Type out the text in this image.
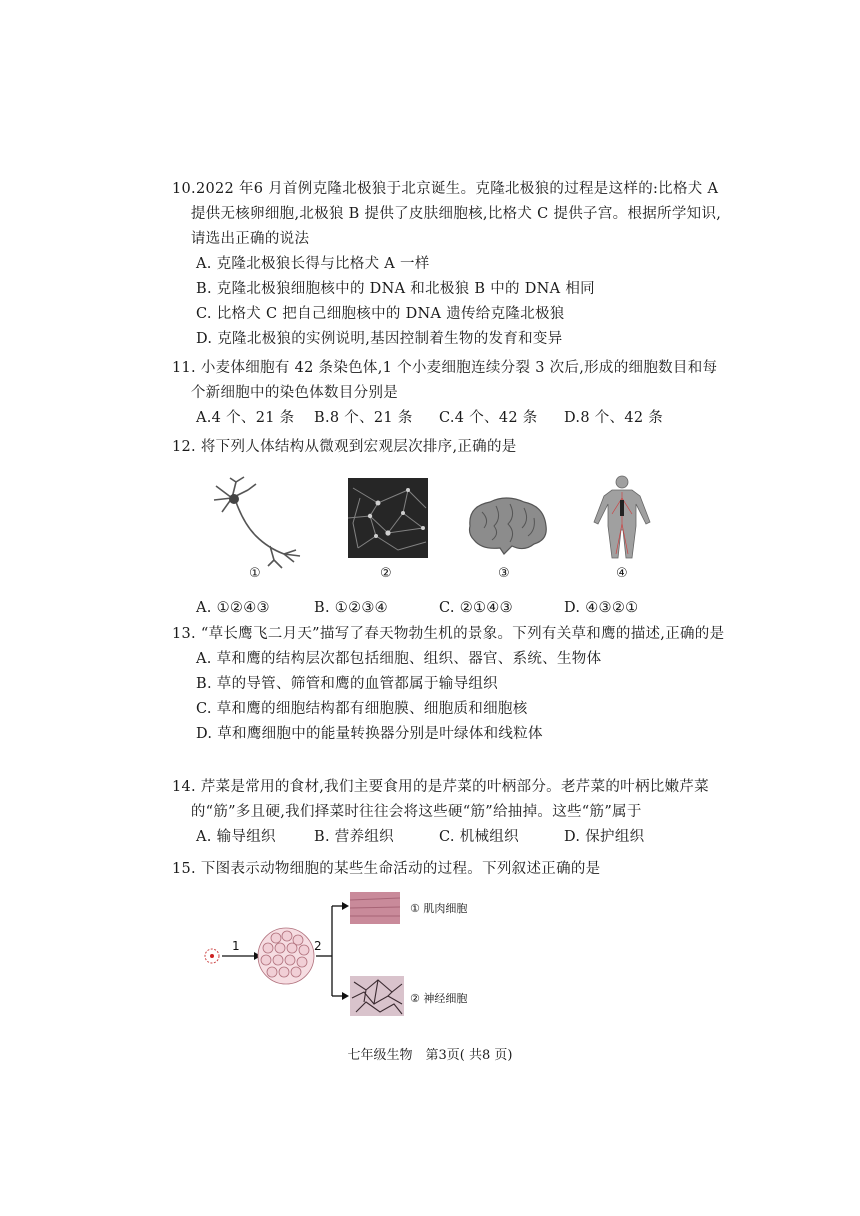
10.2022 年6 月首例克隆北极狼于北京诞生。克隆北极狼的过程是这样的:比格犬 A 提供无核卵细胞,北极狼 B 提供了皮肤细胞核,比格犬 C 提供子宫。根据所学知识,请选出正确的说法

A. 克隆北极狼长得与比格犬 A 一样

B. 克隆北极狼细胞核中的 DNA 和北极狼 B 中的 DNA 相同

C. 比格犬 C 把自己细胞核中的 DNA 遗传给克隆北极狼

D. 克隆北极狼的实例说明,基因控制着生物的发育和变异

11. 小麦体细胞有 42 条染色体,1 个小麦细胞连续分裂 3 次后,形成的细胞数目和每个新细胞中的染色体数目分别是

A.4 个、21 条	B.8 个、21 条	C.4 个、42 条	D.8 个、42 条

12. 将下列人体结构从微观到宏观层次排序,正确的是

①	②	③	④
A. ①②④③	B. ①②③④	C. ②①④③	D. ④③②①

13. “草长鹰飞二月天”描写了春天物勃生机的景象。下列有关草和鹰的描述,正确的是

A. 草和鹰的结构层次都包括细胞、组织、器官、系统、生物体

B. 草的导管、筛管和鹰的血管都属于输导组织

C. 草和鹰的细胞结构都有细胞膜、细胞质和细胞核

D. 草和鹰细胞中的能量转换器分别是叶绿体和线粒体

14. 芹菜是常用的食材,我们主要食用的是芹菜的叶柄部分。老芹菜的叶柄比嫩芹菜的“筋”多且硬,我们择菜时往往会将这些硬“筋”给抽掉。这些“筋”属于

A. 输导组织	B. 营养组织	C. 机械组织	D. 保护组织

15. 下图表示动物细胞的某些生命活动的过程。下列叙述正确的是

1	2
① 肌肉细胞
② 神经细胞
七年级生物　第3页( 共8 页)
